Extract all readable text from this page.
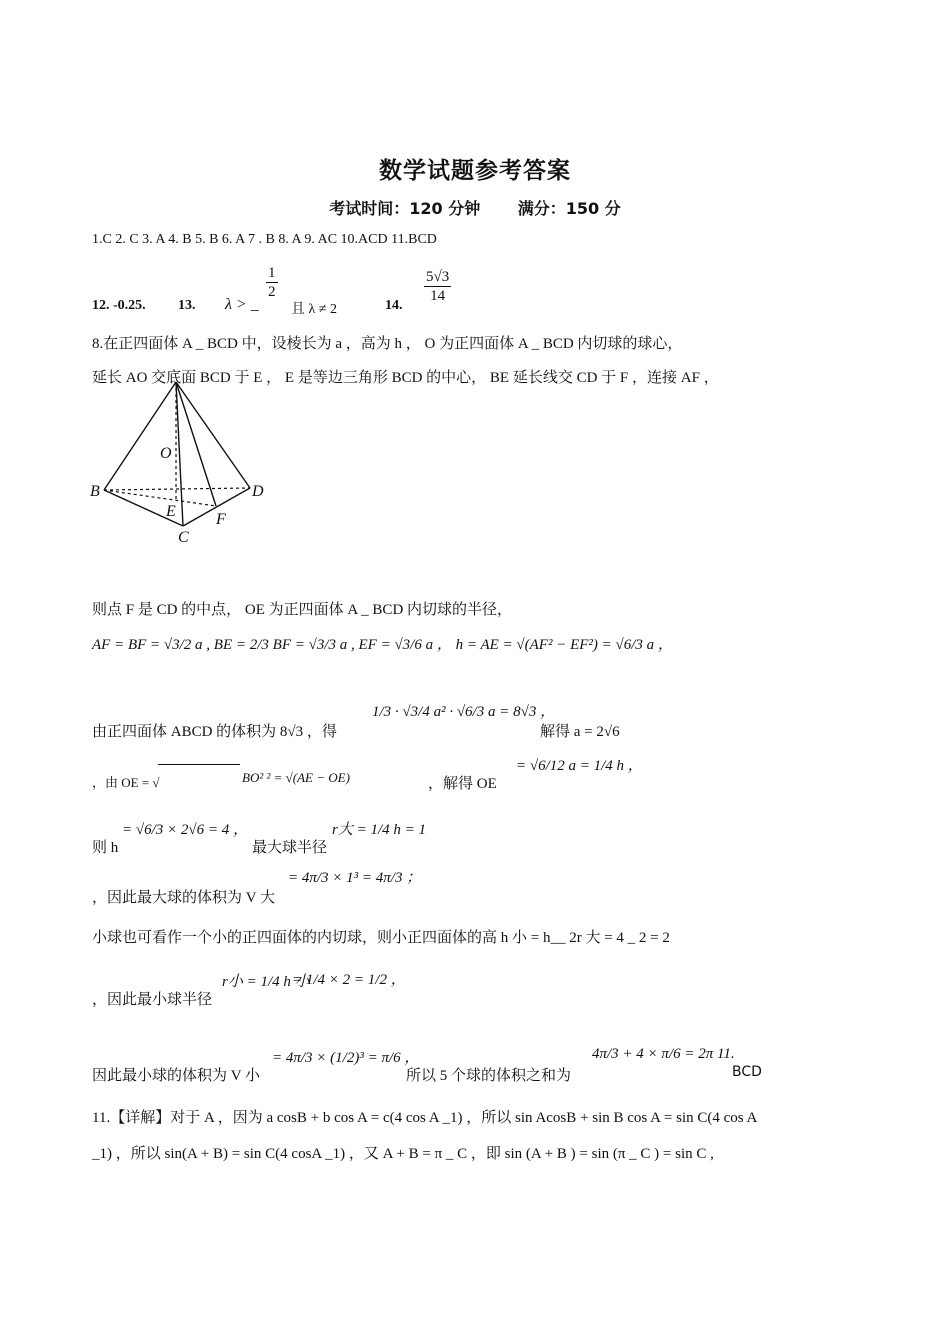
数学试题参考答案
考试时间：120 分钟 满分：150 分
1.C 2. C 3. A 4. B 5. B 6. A 7 . B 8. A 9. AC 10.ACD 11.BCD
12. -0.25. 13. λ > _
$\frac{1}{2}$
且 λ ≠ 2	14.
$\frac{5√3}{14}$
8.在正四面体 A _ BCD 中，设棱长为 a ，高为 h ， O 为正四面体 A _ BCD 内切球的球心，
延长 AO 交底面 BCD 于 E ， E 是等边三角形 BCD 的中心， BE 延长线交 CD 于 F ，连接 AF ，
O
B	D
E	F
C
则点 F 是 CD 的中点， OE 为正四面体 A _ BCD 内切球的半径，
AF = BF = √3/2 a , BE = 2/3 BF = √3/3 a , EF = √3/6 a ， h = AE = √(AF² − EF²) = √6/3 a ，
由正四面体 ABCD 的体积为 8√3 ，得
1/3 · √3/4 a² · √6/3 a = 8√3 ，
解得 a = 2√6
，由 OE = √	BO² ² = √(AE − OE)	，解得 OE
= √6/12 a = 1/4 h ，
则 h
= √6/3 × 2√6 = 4 ，
最大球半径
r大 = 1/4 h = 1
，因此最大球的体积为 V 大
= 4π/3 × 1³ = 4π/3 ；
小球也可看作一个小的正四面体的内切球，则小正四面体的高 h 小 = h__ 2r 大 = 4 _ 2 = 2
，因此最小球半径
r小 = 1/4 h 小
= 1/4 × 2 = 1/2 ，
因此最小球的体积为 V 小
= 4π/3 × (1/2)³ = π/6 ，
所以 5 个球的体积之和为
4π/3 + 4 × π/6 = 2π 11.
BCD
11.【详解】对于 A ，因为 a cosB + b cos A = c(4 cos A _1) ，所以 sin AcosB + sin B cos A = sin C(4 cos A
_1) ，所以 sin(A + B) = sin C(4 cosA _1) ，又 A + B = π _ C ，即 sin (A + B ) = sin (π _ C ) = sin C ,
